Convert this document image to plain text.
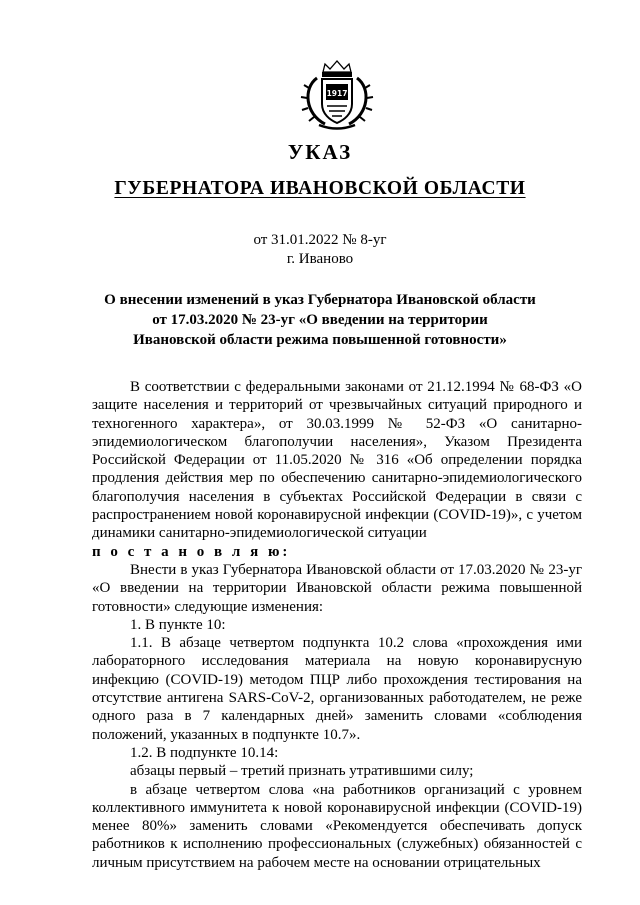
1917
УКАЗ
ГУБЕРНАТОРА ИВАНОВСКОЙ ОБЛАСТИ
от 31.01.2022 № 8-уг
г. Иваново
О внесении изменений в указ Губернатора Ивановской области
от 17.03.2020 № 23-уг «О введении на территории
Ивановской области режима повышенной готовности»

В соответствии с федеральными законами от 21.12.1994 № 68-ФЗ «О защите населения и территорий от чрезвычайных ситуаций природного и техногенного характера», от 30.03.1999 № 52-ФЗ «О санитарно-эпидемиологическом благополучии населения», Указом Президента Российской Федерации от 11.05.2020 № 316 «Об определении порядка продления действия мер по обеспечению санитарно-эпидемиологического благополучия населения в субъектах Российской Федерации в связи с распространением новой коронавирусной инфекции (COVID-19)», с учетом динамики санитарно-эпидемиологической ситуации

п о с т а н о в л я ю:

Внести в указ Губернатора Ивановской области от 17.03.2020 № 23-уг «О введении на территории Ивановской области режима повышенной готовности» следующие изменения:

1. В пункте 10:

1.1. В абзаце четвертом подпункта 10.2 слова «прохождения ими лабораторного исследования материала на новую коронавирусную инфекцию (COVID-19) методом ПЦР либо прохождения тестирования на отсутствие антигена SARS-CoV-2, организованных работодателем, не реже одного раза в 7 календарных дней» заменить словами «соблюдения положений, указанных в подпункте 10.7».

1.2. В подпункте 10.14:

абзацы первый – третий признать утратившими силу;

в абзаце четвертом слова «на работников организаций с уровнем коллективного иммунитета к новой коронавирусной инфекции (COVID-19) менее 80%» заменить словами «Рекомендуется обеспечивать допуск работников к исполнению профессиональных (служебных) обязанностей с личным присутствием на рабочем месте на основании отрицательных
